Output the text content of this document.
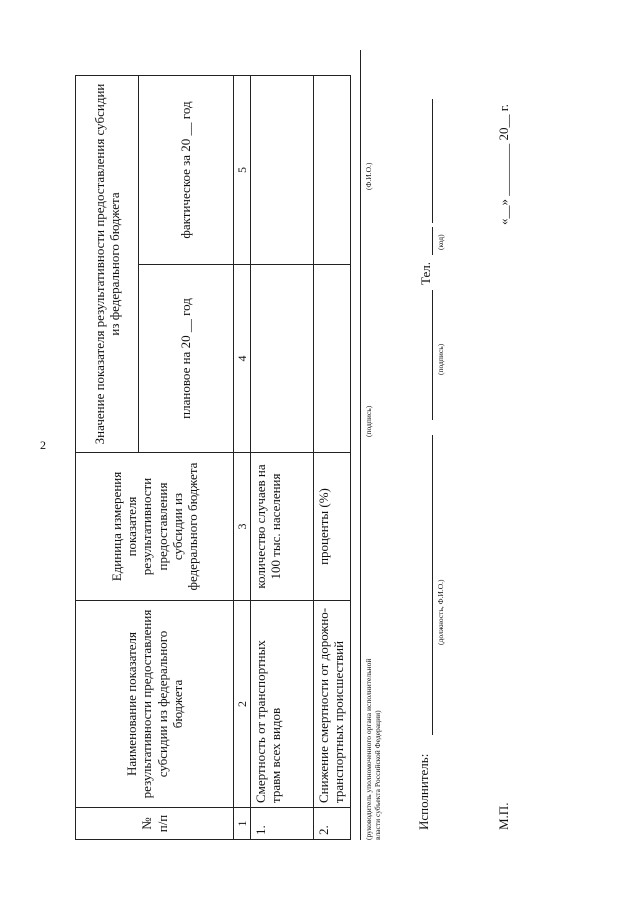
2
№ п/п	Наименование показателя результативности предоставления субсидии из федерального бюджета	Единица измерения показателя результативности предоставления субсидии из федерального бюджета	Значение показателя результативности предоставления субсидии из федерального бюджета	
			плановое на 20 __ год	фактическое за 20 __ год
1	2	3	4	5
1.	Смертность от транспортных травм всех видов	количество случаев на 100 тыс. населения		
2.	Снижение смертности от дорожно-транспортных происшествий	проценты (%)		
(руководитель уполномоченного органа исполнительной власти субъекта Российской Федерации)
(подпись)
(Ф.И.О.)
Исполнитель:
(должность, Ф.И.О.)
(подпись)
Тел.
(код)
М.П.
«__» ________ 20__ г.
